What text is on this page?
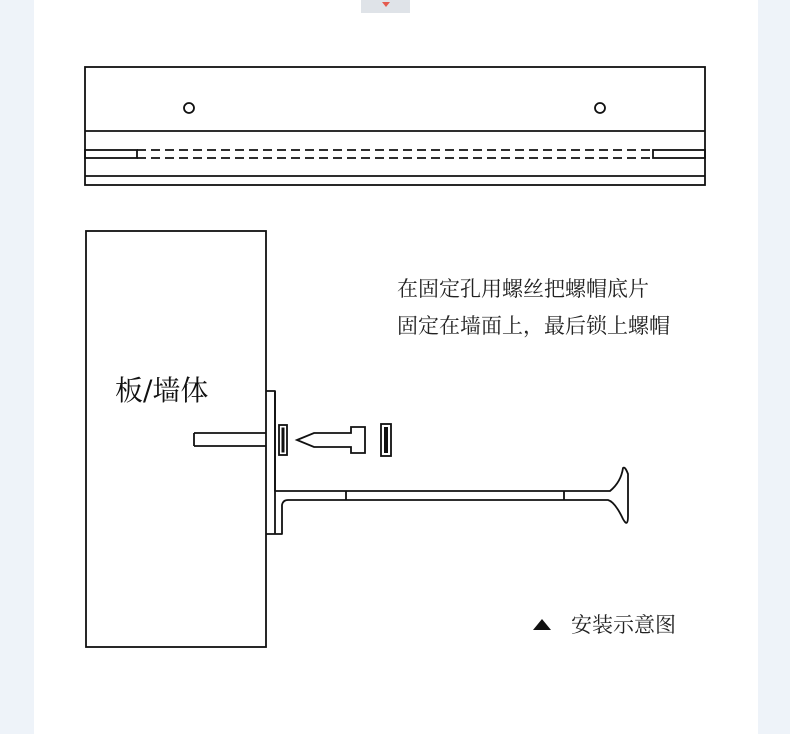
板/墙体
在固定孔用螺丝把螺帽底片
固定在墙面上，最后锁上螺帽
安装示意图
